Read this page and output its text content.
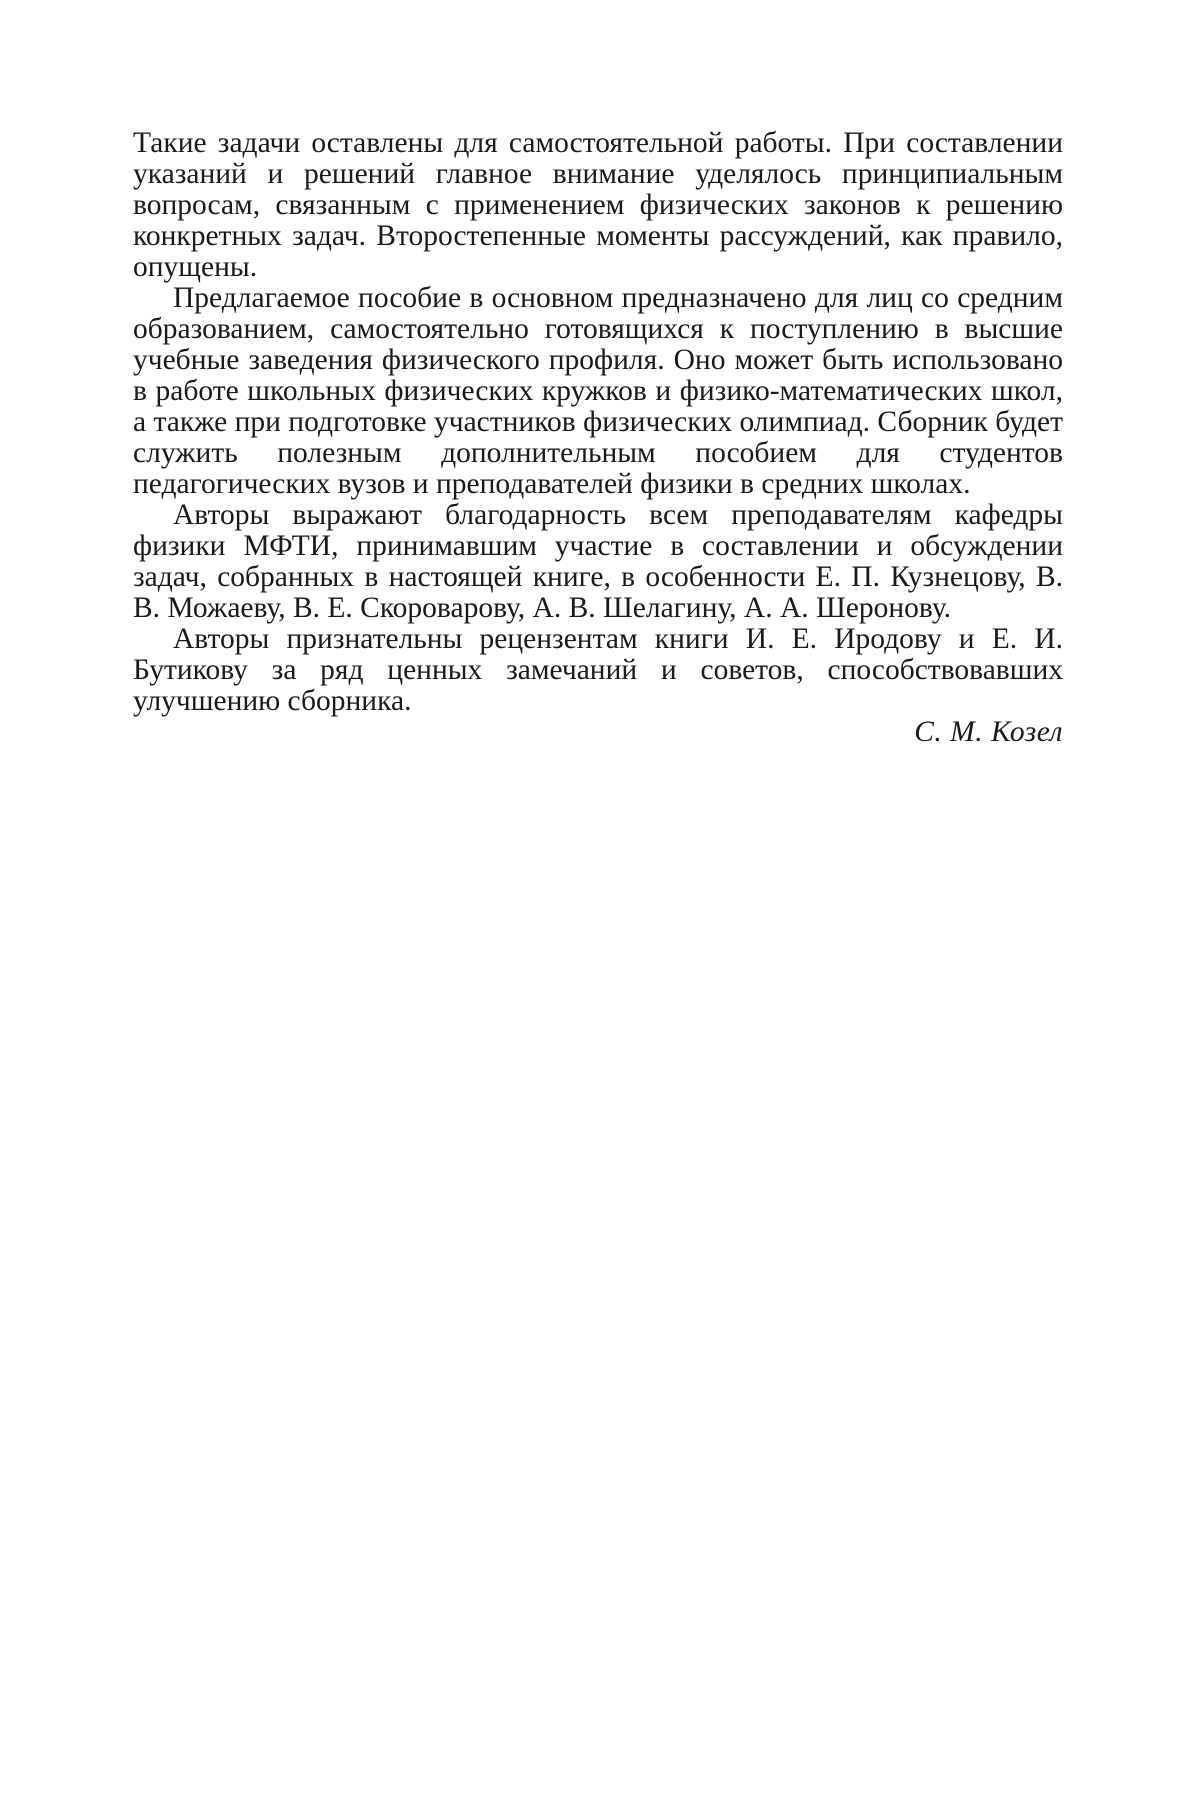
Такие задачи оставлены для самостоятельной работы. При составлении указаний и решений главное внимание уделялось принципиальным вопросам, связанным с применением физических законов к решению конкретных задач. Второстепенные моменты рассуждений, как правило, опущены.

Предлагаемое пособие в основном предназначено для лиц со средним образованием, самостоятельно готовящихся к поступлению в высшие учебные заведения физического профиля. Оно может быть использовано в работе школьных физических кружков и физико-математических школ, а также при подготовке участников физических олимпиад. Сборник будет служить полезным дополнительным пособием для студентов педагогических вузов и преподавателей физики в средних школах.

Авторы выражают благодарность всем преподавателям кафедры физики МФТИ, принимавшим участие в составлении и обсуждении задач, собранных в настоящей книге, в особенности Е. П. Кузнецову, В. В. Можаеву, В. Е. Скороварову, А. В. Шелагину, А. А. Шеронову.

Авторы признательны рецензентам книги И. Е. Иродову и Е. И. Бутикову за ряд ценных замечаний и советов, способствовавших улучшению сборника.

С. М. Козел
